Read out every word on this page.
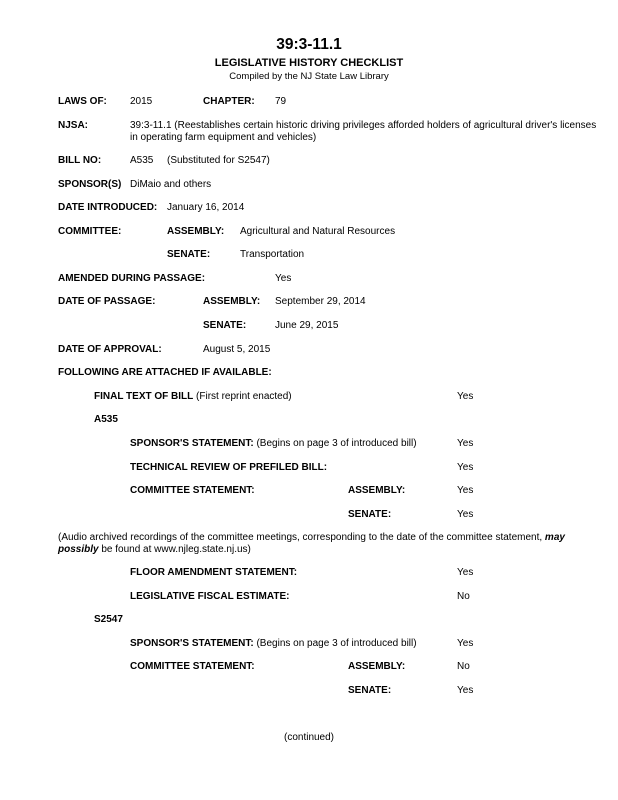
39:3-11.1
LEGISLATIVE HISTORY CHECKLIST
Compiled by the NJ State Law Library
LAWS OF: 2015	CHAPTER: 79
NJSA:	39:3-11.1 (Reestablishes certain historic driving privileges afforded holders of agricultural driver's licenses in operating farm equipment and vehicles)
BILL NO:	A535 (Substituted for S2547)
SPONSOR(S) DiMaio and others
DATE INTRODUCED: January 16, 2014
COMMITTEE:	ASSEMBLY: Agricultural and Natural Resources
SENATE:	Transportation
AMENDED DURING PASSAGE:	Yes
DATE OF PASSAGE:	ASSEMBLY: September 29, 2014
SENATE:	June 29, 2015
DATE OF APPROVAL:	August 5, 2015
FOLLOWING ARE ATTACHED IF AVAILABLE:
FINAL TEXT OF BILL (First reprint enacted)	Yes
A535
SPONSOR'S STATEMENT: (Begins on page 3 of introduced bill)	Yes
TECHNICAL REVIEW OF PREFILED BILL:	Yes
COMMITTEE STATEMENT:	ASSEMBLY:	Yes
SENATE:	Yes
(Audio archived recordings of the committee meetings, corresponding to the date of the committee statement, may possibly be found at www.njleg.state.nj.us)
FLOOR AMENDMENT STATEMENT:	Yes
LEGISLATIVE FISCAL ESTIMATE:	No
S2547
SPONSOR'S STATEMENT: (Begins on page 3 of introduced bill)	Yes
COMMITTEE STATEMENT:	ASSEMBLY:	No
SENATE:	Yes
(continued)
